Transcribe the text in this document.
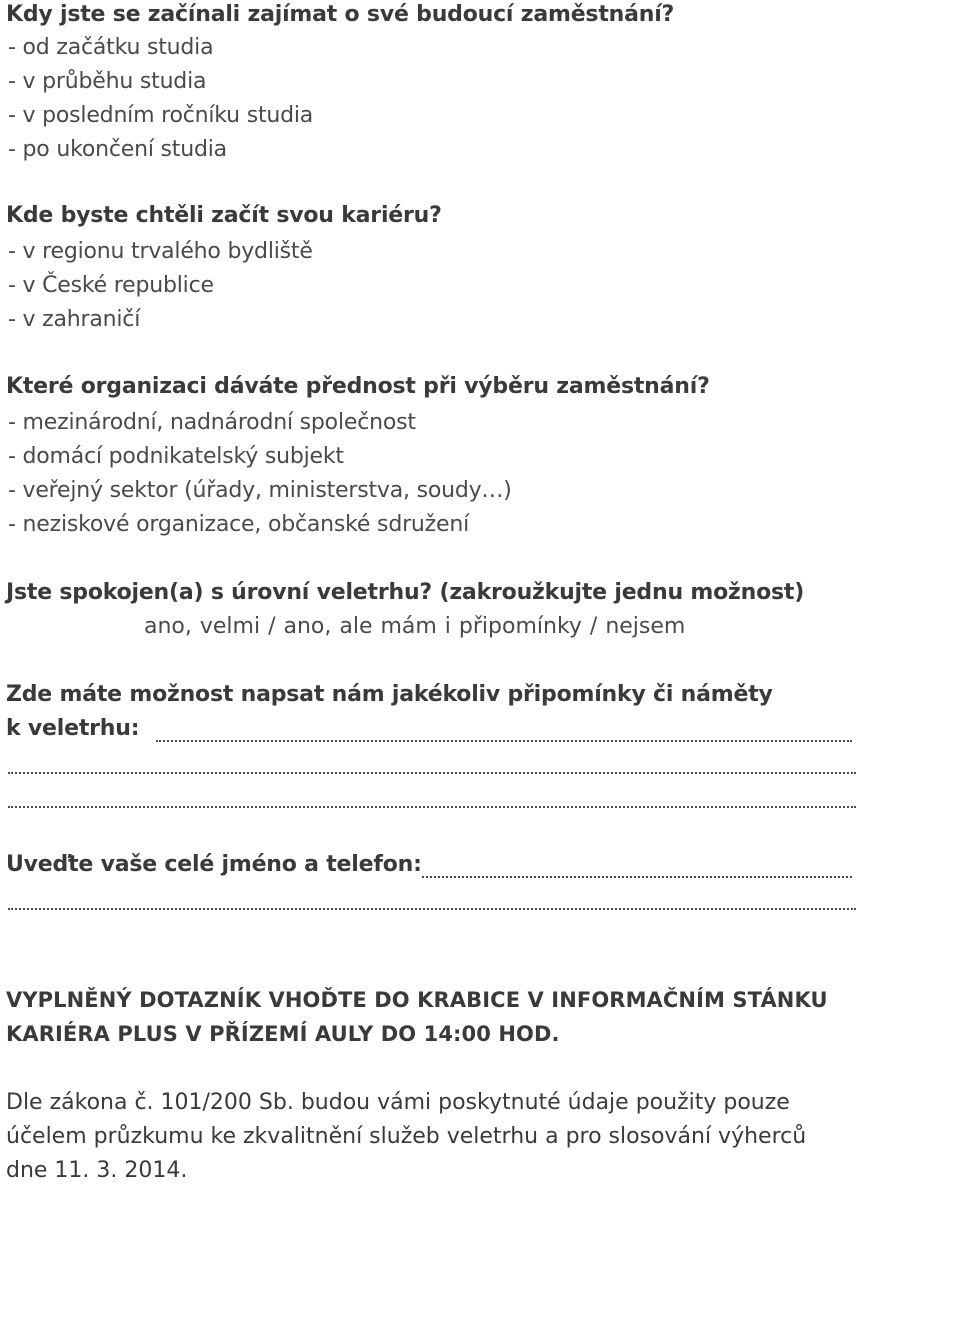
Kdy jste se začínali zajímat o své budoucí zaměstnání?
- od začátku studia
- v průběhu studia
- v posledním ročníku studia
- po ukončení studia
Kde byste chtěli začít svou kariéru?
- v regionu trvalého bydliště
- v České republice
- v zahraničí
Které organizaci dáváte přednost při výběru zaměstnání?
- mezinárodní, nadnárodní společnost
- domácí podnikatelský subjekt
- veřejný sektor (úřady, ministerstva, soudy…)
- neziskové organizace, občanské sdružení
Jste spokojen(a) s úrovní veletrhu? (zakroužkujte jednu možnost)
ano, velmi / ano, ale mám i připomínky / nejsem
Zde máte možnost napsat nám jakékoliv připomínky či náměty
k veletrhu:
Uveďte vaše celé jméno a telefon:
VYPLNĚNÝ DOTAZNÍK VHOĎTE DO KRABICE V INFORMAČNÍM STÁNKU
KARIÉRA PLUS V PŘÍZEMÍ AULY DO 14:00 HOD.
Dle zákona č. 101/200 Sb. budou vámi poskytnuté údaje použity pouze
účelem průzkumu ke zkvalitnění služeb veletrhu a pro slosování výherců
dne 11. 3. 2014.
